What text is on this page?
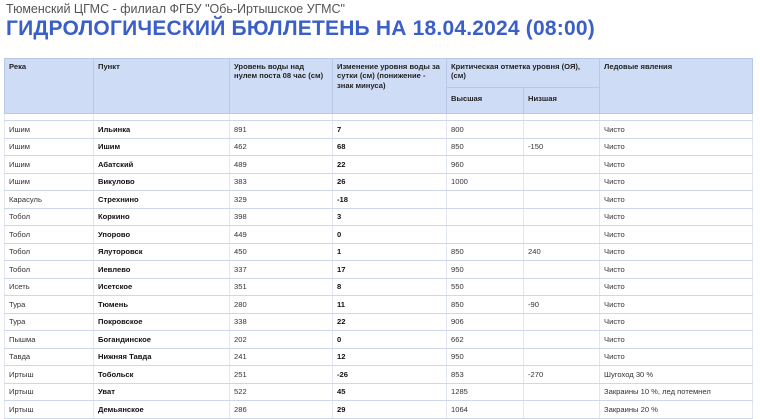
Тюменский ЦГМС - филиал ФГБУ "Обь-Иртышское УГМС"
ГИДРОЛОГИЧЕСКИЙ БЮЛЛЕТЕНЬ НА 18.04.2024 (08:00)
Река	Пункт	Уровень воды над нулем поста 08 час (см)	Изменение уровня воды за сутки (см) (понижение - знак минуса)	Критическая отметка уровня (ОЯ), (см)		Ледовые явления
				Высшая	Низшая	

Ишим	Ильинка	891	7	800		Чисто
Ишим	Ишим	462	68	850	-150	Чисто
Ишим	Абатский	489	22	960		Чисто
Ишим	Викулово	383	26	1000		Чисто
Карасуль	Стрехнино	329	-18			Чисто
Тобол	Коркино	398	3			Чисто
Тобол	Упорово	449	0			Чисто
Тобол	Ялуторовск	450	1	850	240	Чисто
Тобол	Иевлево	337	17	950		Чисто
Исеть	Исетское	351	8	550		Чисто
Тура	Тюмень	280	11	850	-90	Чисто
Тура	Покровское	338	22	906		Чисто
Пышма	Богандинское	202	0	662		Чисто
Тавда	Нижняя Тавда	241	12	950		Чисто
Иртыш	Тобольск	251	-26	853	-270	Шугоход 30 %
Иртыш	Уват	522	45	1285		Закраины 10 %, лед потемнел
Иртыш	Демьянское	286	29	1064		Закраины 20 %
